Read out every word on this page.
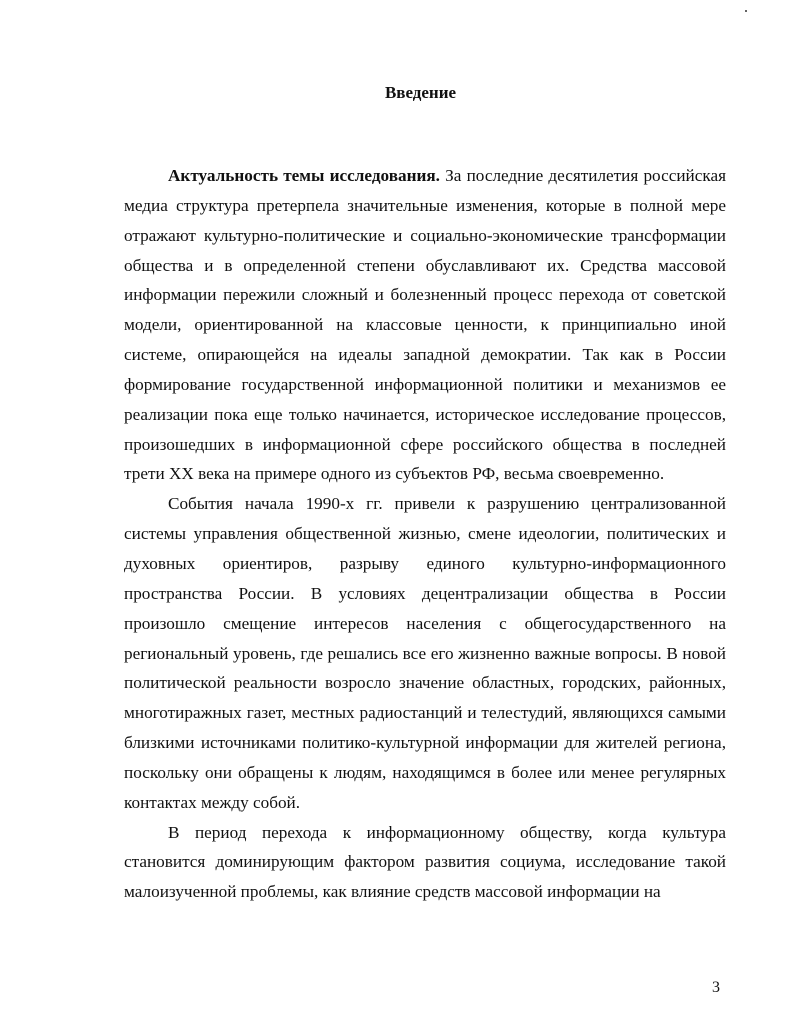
Введение

Актуальность темы исследования. За последние десятилетия российская медиа структура претерпела значительные изменения, которые в полной мере отражают культурно-политические и социально-экономические трансформации общества и в определенной степени обуславливают их. Средства массовой информации пережили сложный и болезненный процесс перехода от советской модели, ориентированной на классовые ценности, к принципиально иной системе, опирающейся на идеалы западной демократии. Так как в России формирование государственной информационной политики и механизмов ее реализации пока еще только начинается, историческое исследование процессов, произошедших в информационной сфере российского общества в последней трети XX века на примере одного из субъектов РФ, весьма своевременно.

События начала 1990-х гг. привели к разрушению централизованной системы управления общественной жизнью, смене идеологии, политических и духовных ориентиров, разрыву единого культурно-информационного пространства России. В условиях децентрализации общества в России произошло смещение интересов населения с общегосударственного на региональный уровень, где решались все его жизненно важные вопросы. В новой политической реальности возросло значение областных, городских, районных, многотиражных газет, местных радиостанций и телестудий, являющихся самыми близкими источниками политико-культурной информации для жителей региона, поскольку они обращены к людям, находящимся в более или менее регулярных контактах между собой.

В период перехода к информационному обществу, когда культура становится доминирующим фактором развития социума, исследование такой малоизученной проблемы, как влияние средств массовой информации на

3
